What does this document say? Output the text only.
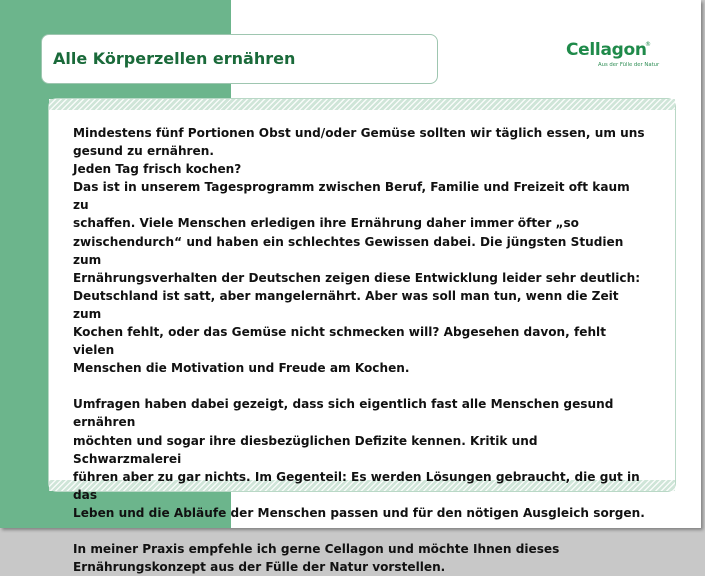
Alle Körperzellen ernähren	Cellagon
®
Aus der Fülle der Natur

Mindestens fünf Portionen Obst und/oder Gemüse sollten wir täglich essen, um uns
gesund zu ernähren.
Jeden Tag frisch kochen?
Das ist in unserem Tagesprogramm zwischen Beruf, Familie und Freizeit oft kaum zu
schaffen. Viele Menschen erledigen ihre Ernährung daher immer öfter „so
zwischendurch“ und haben ein schlechtes Gewissen dabei. Die jüngsten Studien zum
Ernährungsverhalten der Deutschen zeigen diese Entwicklung leider sehr deutlich:
Deutschland ist satt, aber mangelernährt. Aber was soll man tun, wenn die Zeit zum
Kochen fehlt, oder das Gemüse nicht schmecken will? Abgesehen davon, fehlt vielen
Menschen die Motivation und Freude am Kochen.

Umfragen haben dabei gezeigt, dass sich eigentlich fast alle Menschen gesund ernähren
möchten und sogar ihre diesbezüglichen Defizite kennen. Kritik und Schwarzmalerei
führen aber zu gar nichts. Im Gegenteil: Es werden Lösungen gebraucht, die gut in das
Leben und die Abläufe der Menschen passen und für den nötigen Ausgleich sorgen.

In meiner Praxis empfehle ich gerne Cellagon und möchte Ihnen dieses
Ernährungskonzept aus der Fülle der Natur vorstellen.
